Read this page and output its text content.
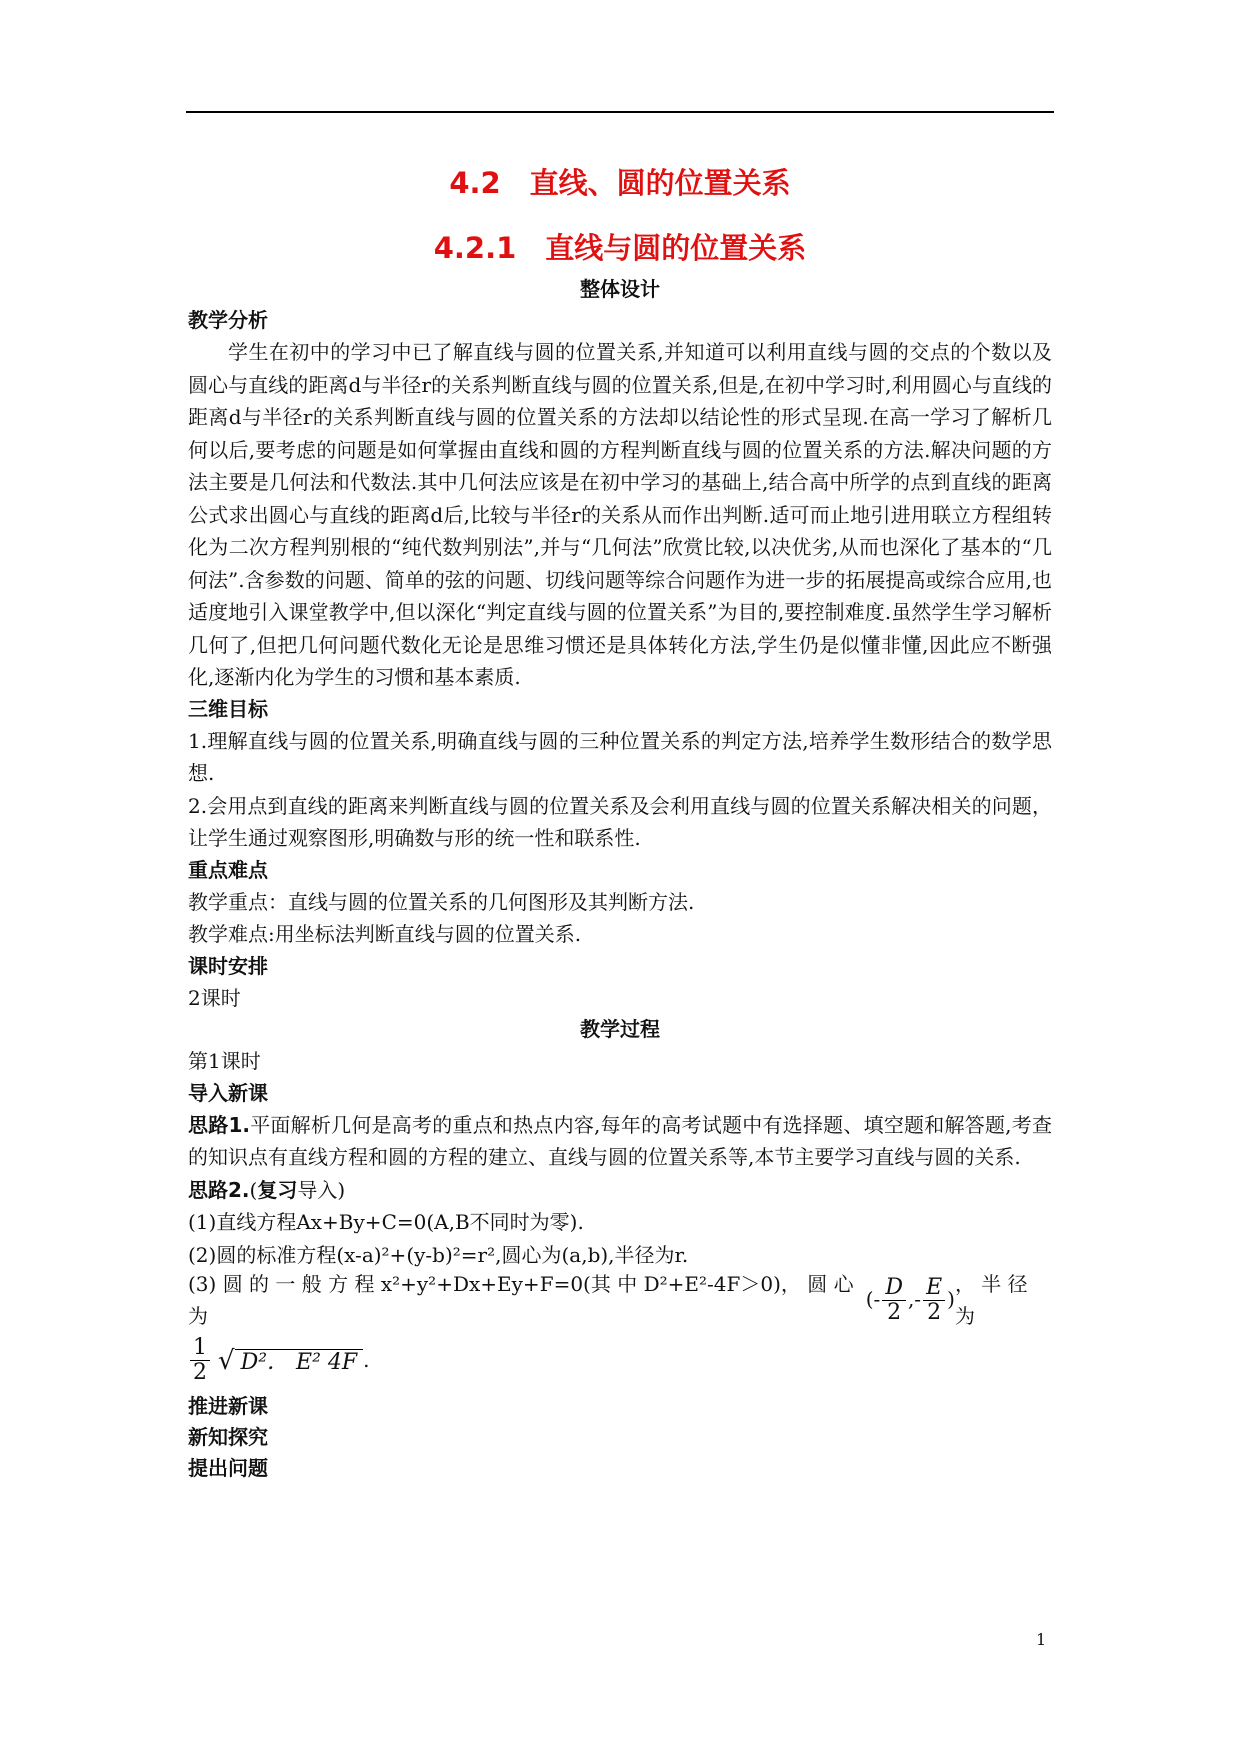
4.2　直线、圆的位置关系
4.2.1　直线与圆的位置关系
整体设计
教学分析

学生在初中的学习中已了解直线与圆的位置关系,并知道可以利用直线与圆的交点的个数以及圆心与直线的距离d与半径r的关系判断直线与圆的位置关系,但是,在初中学习时,利用圆心与直线的距离d与半径r的关系判断直线与圆的位置关系的方法却以结论性的形式呈现.在高一学习了解析几何以后,要考虑的问题是如何掌握由直线和圆的方程判断直线与圆的位置关系的方法.解决问题的方法主要是几何法和代数法.其中几何法应该是在初中学习的基础上,结合高中所学的点到直线的距离公式求出圆心与直线的距离d后,比较与半径r的关系从而作出判断.适可而止地引进用联立方程组转化为二次方程判别根的“纯代数判别法”,并与“几何法”欣赏比较,以决优劣,从而也深化了基本的“几何法”.含参数的问题、简单的弦的问题、切线问题等综合问题作为进一步的拓展提高或综合应用,也适度地引入课堂教学中,但以深化“判定直线与圆的位置关系”为目的,要控制难度.虽然学生学习解析几何了,但把几何问题代数化无论是思维习惯还是具体转化方法,学生仍是似懂非懂,因此应不断强化,逐渐内化为学生的习惯和基本素质.

三维目标

1.理解直线与圆的位置关系,明确直线与圆的三种位置关系的判定方法,培养学生数形结合的数学思想.

2.会用点到直线的距离来判断直线与圆的位置关系及会利用直线与圆的位置关系解决相关的问题，让学生通过观察图形,明确数与形的统一性和联系性.

重点难点
教学重点：直线与圆的位置关系的几何图形及其判断方法.
教学难点:用坐标法判断直线与圆的位置关系.
课时安排
2课时
教学过程
第1课时
导入新课

思路1.平面解析几何是高考的重点和热点内容,每年的高考试题中有选择题、填空题和解答题,考查的知识点有直线方程和圆的方程的建立、直线与圆的位置关系等,本节主要学习直线与圆的关系.

思路2.(复习导入)
(1)直线方程Ax+By+C=0(A,B不同时为零).
(2)圆的标准方程(x-a)²+(y-b)²=r²,圆心为(a,b),半径为r.
(3) 圆 的 一 般 方 程 x²+y²+Dx+Ey+F=0(其 中 D²+E²-4F＞0)， 圆 心 为
(- $\frac{D}{2}$ ,- $\frac{E}{2}$ )
， 半 径 为
$\frac{1}{2}$ √ D²． E² 4F .
推进新课
新知探究
提出问题
1
